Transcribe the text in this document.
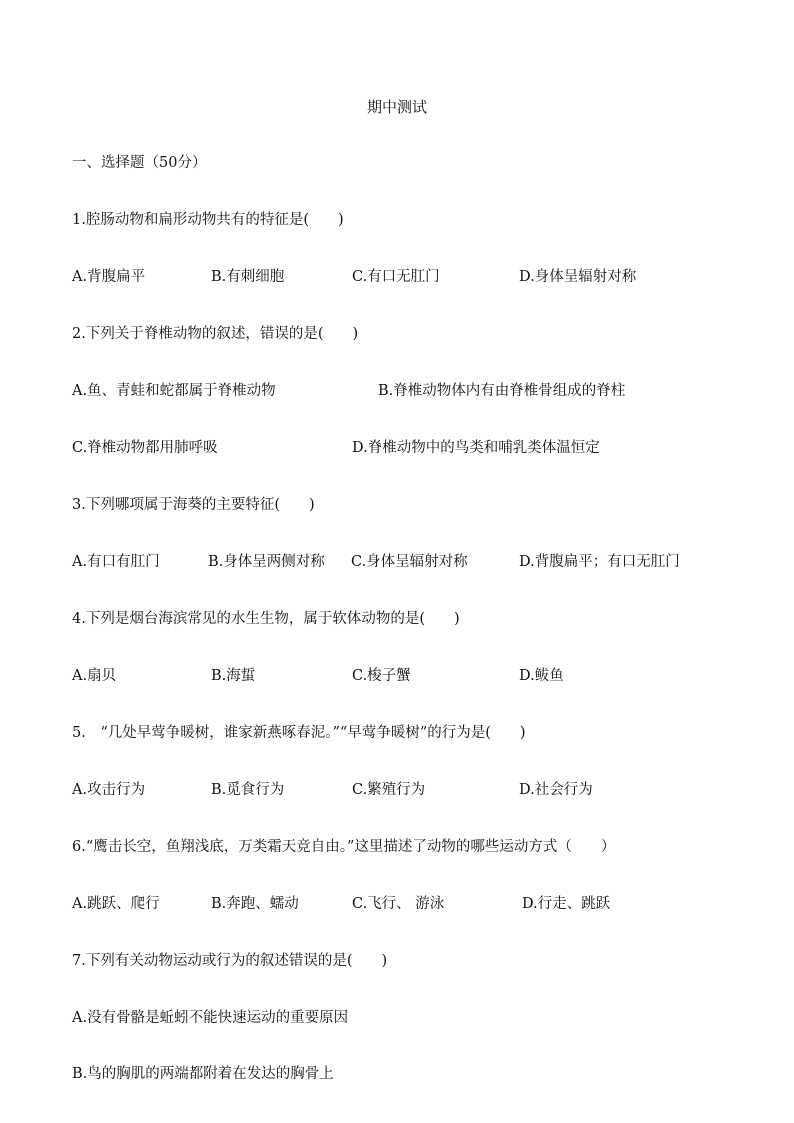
期中测试
一、选择题（50分）
1.腔肠动物和扁形动物共有的特征是(　　)
A.背腹扁平	B.有刺细胞	C.有口无肛门	D.身体呈辐射对称
2.下列关于脊椎动物的叙述，错误的是(　　)
A.鱼、青蛙和蛇都属于脊椎动物	B.脊椎动物体内有由脊椎骨组成的脊柱
C.脊椎动物都用肺呼吸	D.脊椎动物中的鸟类和哺乳类体温恒定
3.下列哪项属于海葵的主要特征(　　)
A.有口有肛门	B.身体呈两侧对称 C.身体呈辐射对称	D.背腹扁平；有口无肛门
4.下列是烟台海滨常见的水生生物，属于软体动物的是(　　)
A.扇贝	B.海蜇	C.梭子蟹	D.鲅鱼
5.　“几处早莺争暖树，谁家新燕啄春泥。”“早莺争暖树”的行为是(　　)
A.攻击行为	B.觅食行为	C.繁殖行为	D.社会行为
6.“鹰击长空，鱼翔浅底，万类霜天竞自由。”这里描述了动物的哪些运动方式（　　）
A.跳跃、爬行	B.奔跑、蠕动	C.飞行、 游泳	D.行走、跳跃
7.下列有关动物运动或行为的叙述错误的是(　　)
A.没有骨骼是蚯蚓不能快速运动的重要原因
B.鸟的胸肌的两端都附着在发达的胸骨上
